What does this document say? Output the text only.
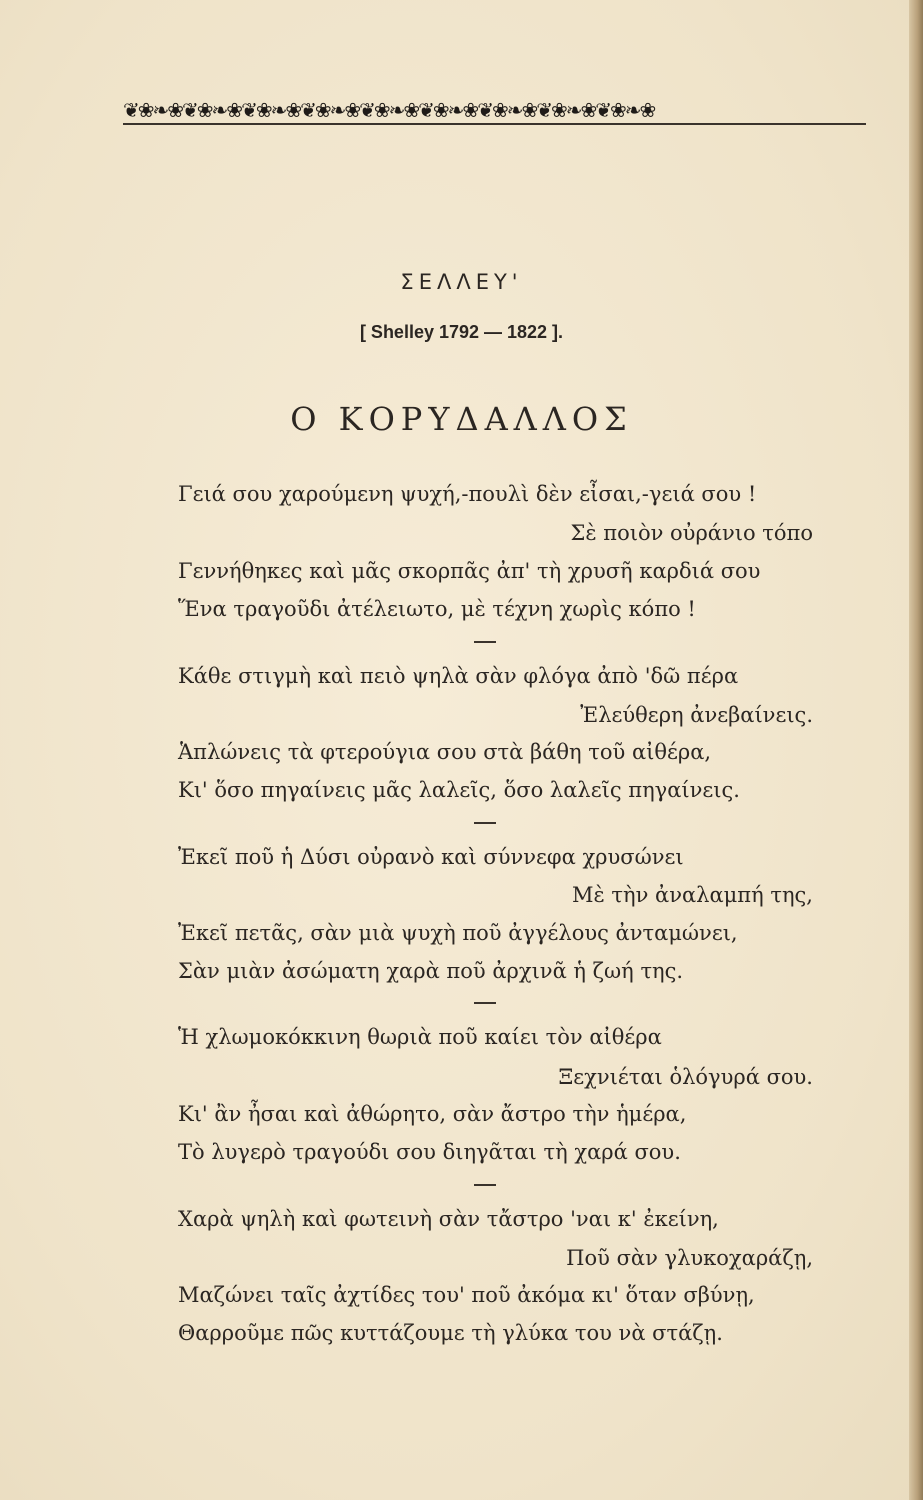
❦❀❧❀❦❀❧❀❦❀❧❀❦❀❧❀❦❀❧❀❦❀❧❀❦❀❧❀❦❀❧❀❦❀❧❀
ΣΕΛΛΕΥ'
[ Shelley 1792 — 1822 ].
Ο ΚΟΡΥΔΑΛΛΟΣ
Γειά σου χαρούμενη ψυχή,-πουλὶ δὲν εἶσαι,-γειά σου !
Σὲ ποιὸν οὐράνιο τόπο
Γεννήθηκες καὶ μᾶς σκορπᾶς ἀπ' τὴ χρυσῆ καρδιά σου
Ἕνα τραγοῦδι ἀτέλειωτο, μὲ τέχνη χωρὶς κόπο !
Κάθε στιγμὴ καὶ πειὸ ψηλὰ σὰν φλόγα ἀπὸ 'δῶ πέρα
Ἐλεύθερη ἀνεβαίνεις.
Ἁπλώνεις τὰ φτερούγια σου στὰ βάθη τοῦ αἰθέρα,
Κι' ὅσο πηγαίνεις μᾶς λαλεῖς, ὅσο λαλεῖς πηγαίνεις.
Ἐκεῖ ποῦ ἡ Δύσι οὐρανὸ καὶ σύννεφα χρυσώνει
Μὲ τὴν ἀναλαμπή της,
Ἐκεῖ πετᾶς, σὰν μιὰ ψυχὴ ποῦ ἀγγέλους ἀνταμώνει,
Σὰν μιὰν ἀσώματη χαρὰ ποῦ ἀρχινᾶ ἡ ζωή της.
Ἡ χλωμοκόκκινη θωριὰ ποῦ καίει τὸν αἰθέρα
Ξεχνιέται ὁλόγυρά σου.
Κι' ἂν ἦσαι καὶ ἀθώρητο, σὰν ἄστρο τὴν ἡμέρα,
Τὸ λυγερὸ τραγούδι σου διηγᾶται τὴ χαρά σου.
Χαρὰ ψηλὴ καὶ φωτεινὴ σὰν τἄστρο 'ναι κ' ἐκείνη,
Ποῦ σὰν γλυκοχαράζῃ,
Μαζώνει ταῖς ἀχτίδες του' ποῦ ἀκόμα κι' ὅταν σβύνῃ,
Θαρροῦμε πῶς κυττάζουμε τὴ γλύκα του νὰ στάζῃ.
